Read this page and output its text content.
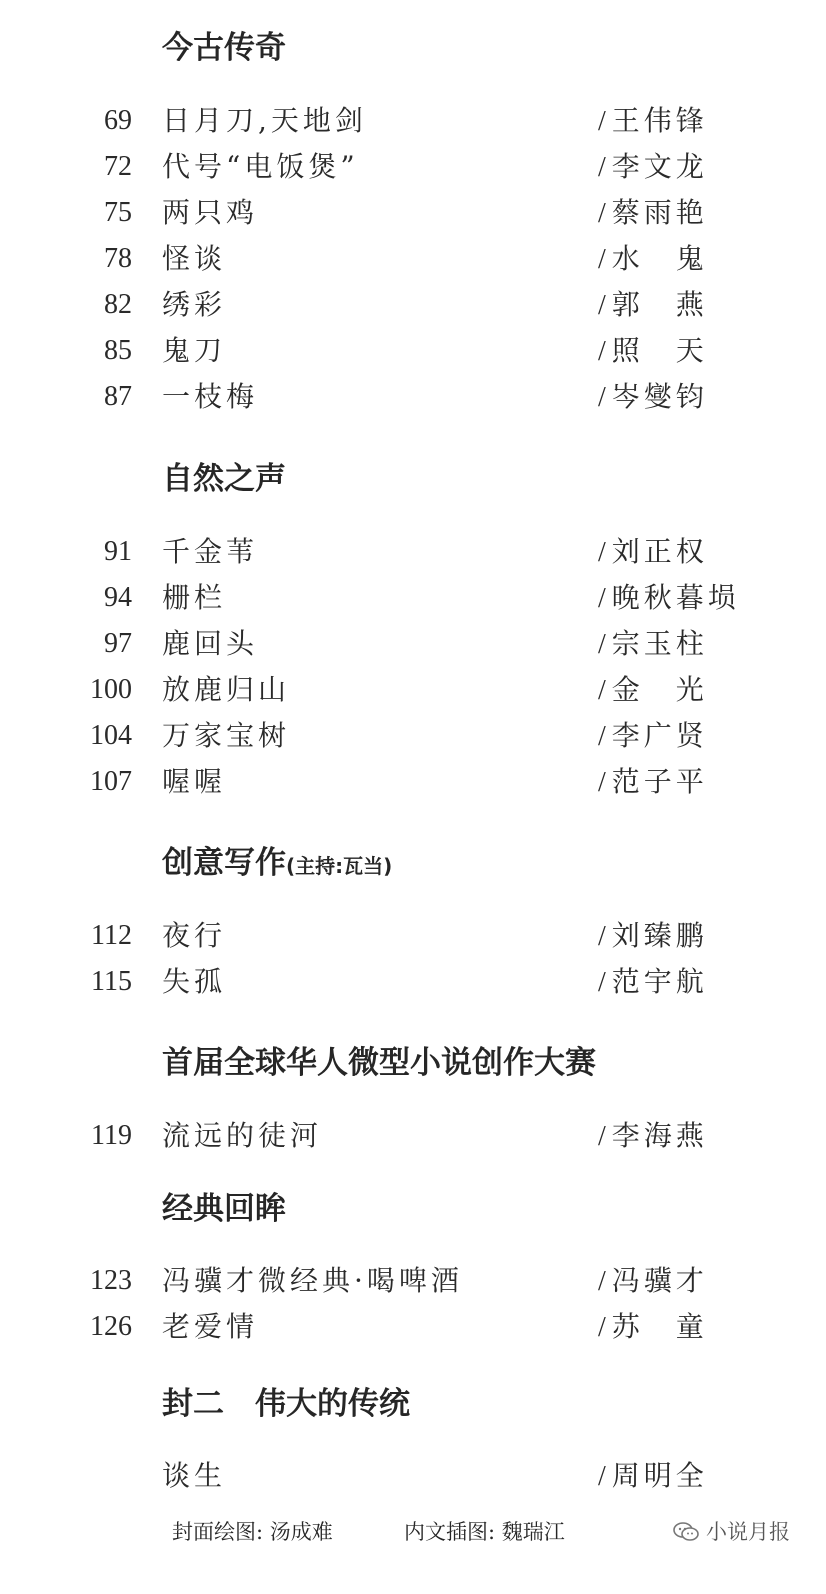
今古传奇
69 日月刀,天地剑	/ 王伟锋
72 代号“电饭煲”	/ 李文龙
75 两只鸡	/ 蔡雨艳
78 怪谈	/ 水　鬼
82 绣彩	/ 郭　燕
85 鬼刀	/ 照　天
87 一枝梅	/ 岑燮钧
自然之声
91 千金苇	/ 刘正权
94 栅栏	/ 晚秋暮埙
97 鹿回头	/ 宗玉柱
100 放鹿归山	/ 金　光
104 万家宝树	/ 李广贤
107 喔喔	/ 范子平
创意写作(主持:瓦当)
112 夜行	/ 刘臻鹏
115 失孤	/ 范宇航
首届全球华人微型小说创作大赛
119 流远的徒河	/ 李海燕
经典回眸
123 冯骥才微经典·喝啤酒	/ 冯骥才
126 老爱情	/ 苏　童
封二　伟大的传统
谈生	/ 周明全
封面绘图: 汤成难	内文插图: 魏瑞江	小说月报
